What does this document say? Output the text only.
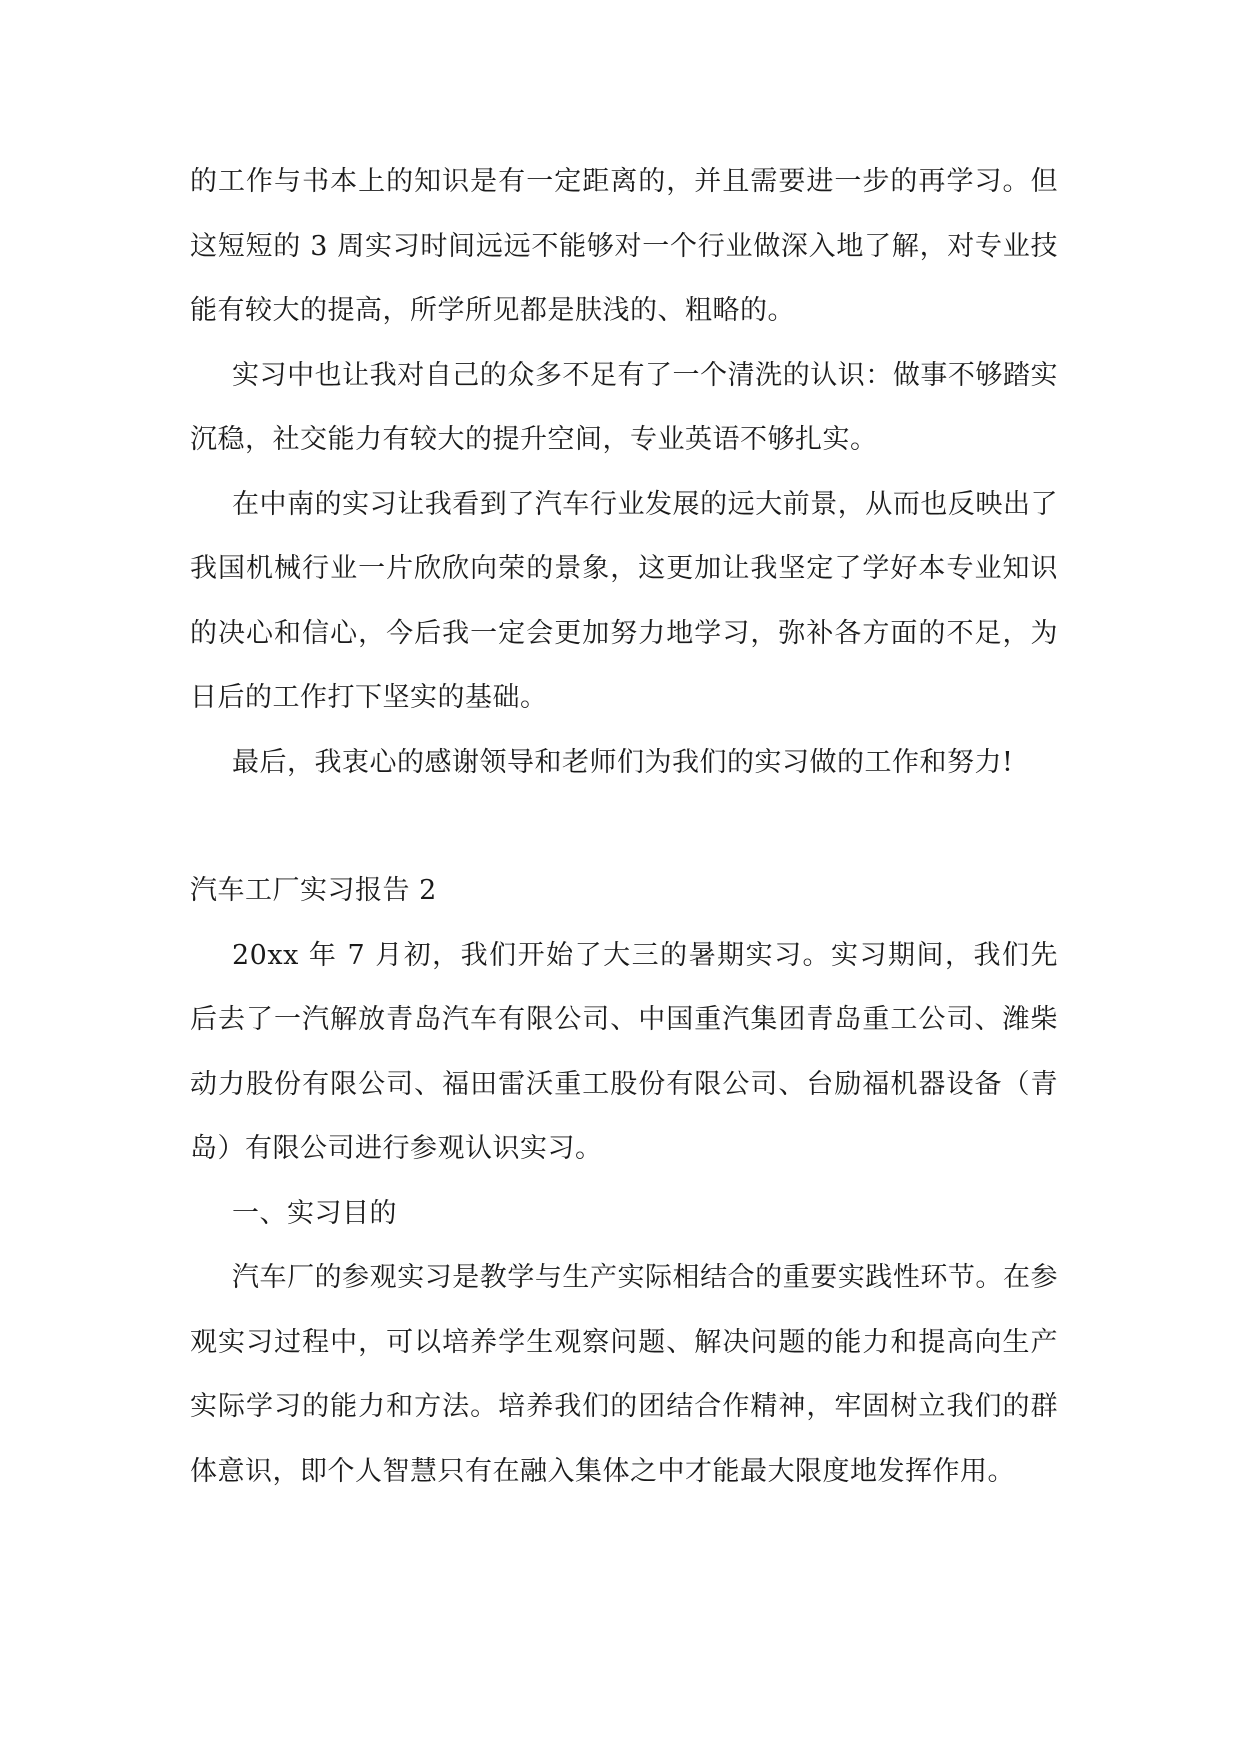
的工作与书本上的知识是有一定距离的，并且需要进一步的再学习。但这短短的 3 周实习时间远远不能够对一个行业做深入地了解，对专业技能有较大的提高，所学所见都是肤浅的、粗略的。

实习中也让我对自己的众多不足有了一个清洗的认识：做事不够踏实沉稳，社交能力有较大的提升空间，专业英语不够扎实。

在中南的实习让我看到了汽车行业发展的远大前景，从而也反映出了我国机械行业一片欣欣向荣的景象，这更加让我坚定了学好本专业知识的决心和信心，今后我一定会更加努力地学习，弥补各方面的不足，为日后的工作打下坚实的基础。

最后，我衷心的感谢领导和老师们为我们的实习做的工作和努力!

汽车工厂实习报告 2

20xx 年 7 月初，我们开始了大三的暑期实习。实习期间，我们先后去了一汽解放青岛汽车有限公司、中国重汽集团青岛重工公司、潍柴动力股份有限公司、福田雷沃重工股份有限公司、台励福机器设备（青岛）有限公司进行参观认识实习。

一、实习目的

汽车厂的参观实习是教学与生产实际相结合的重要实践性环节。在参观实习过程中，可以培养学生观察问题、解决问题的能力和提高向生产实际学习的能力和方法。培养我们的团结合作精神，牢固树立我们的群体意识，即个人智慧只有在融入集体之中才能最大限度地发挥作用。
